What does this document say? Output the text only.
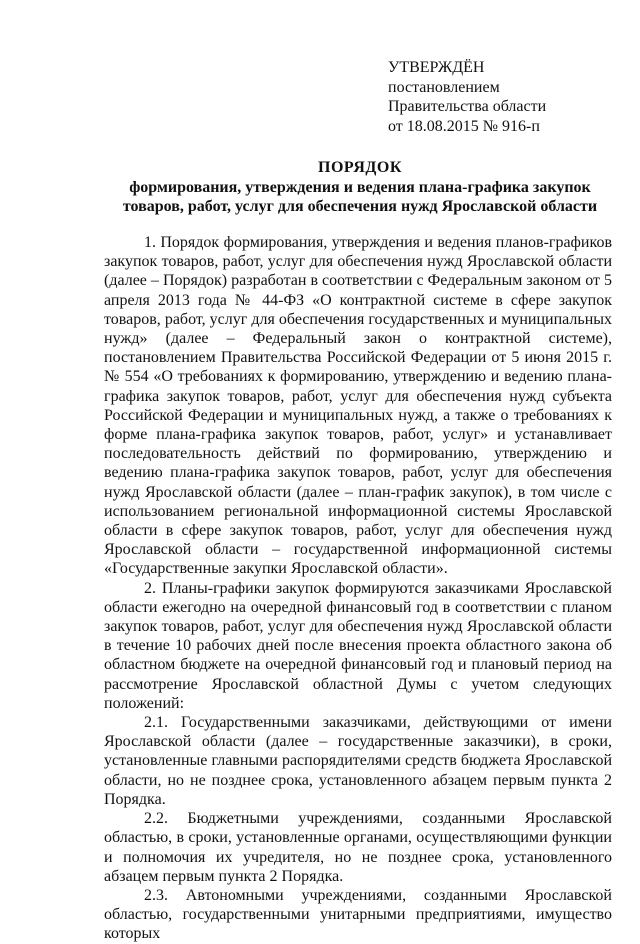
УТВЕРЖДЁН
постановлением
Правительства области
от 18.08.2015 № 916-п
ПОРЯДОК
формирования, утверждения и ведения плана-графика закупок товаров, работ, услуг для обеспечения нужд Ярославской области

1. Порядок формирования, утверждения и ведения планов-графиков закупок товаров, работ, услуг для обеспечения нужд Ярославской области (далее – Порядок) разработан в соответствии с Федеральным законом от 5 апреля 2013 года № 44-ФЗ «О контрактной системе в сфере закупок товаров, работ, услуг для обеспечения государственных и муниципальных нужд» (далее – Федеральный закон о контрактной системе), постановлением Правительства Российской Федерации от 5 июня 2015 г. № 554 «О требованиях к формированию, утверждению и ведению плана-графика закупок товаров, работ, услуг для обеспечения нужд субъекта Российской Федерации и муниципальных нужд, а также о требованиях к форме плана-графика закупок товаров, работ, услуг» и устанавливает последовательность действий по формированию, утверждению и ведению плана-графика закупок товаров, работ, услуг для обеспечения нужд Ярославской области (далее – план-график закупок), в том числе с использованием региональной информационной системы Ярославской области в сфере закупок товаров, работ, услуг для обеспечения нужд Ярославской области – государственной информационной системы «Государственные закупки Ярославской области».

2. Планы-графики закупок формируются заказчиками Ярославской области ежегодно на очередной финансовый год в соответствии с планом закупок товаров, работ, услуг для обеспечения нужд Ярославской области в течение 10 рабочих дней после внесения проекта областного закона об областном бюджете на очередной финансовый год и плановый период на рассмотрение Ярославской областной Думы с учетом следующих положений:

2.1. Государственными заказчиками, действующими от имени Ярославской области (далее – государственные заказчики), в сроки, установленные главными распорядителями средств бюджета Ярославской области, но не позднее срока, установленного абзацем первым пункта 2 Порядка.

2.2. Бюджетными учреждениями, созданными Ярославской областью, в сроки, установленные органами, осуществляющими функции и полномочия их учредителя, но не позднее срока, установленного абзацем первым пункта 2 Порядка.

2.3. Автономными учреждениями, созданными Ярославской областью, государственными унитарными предприятиями, имущество которых
